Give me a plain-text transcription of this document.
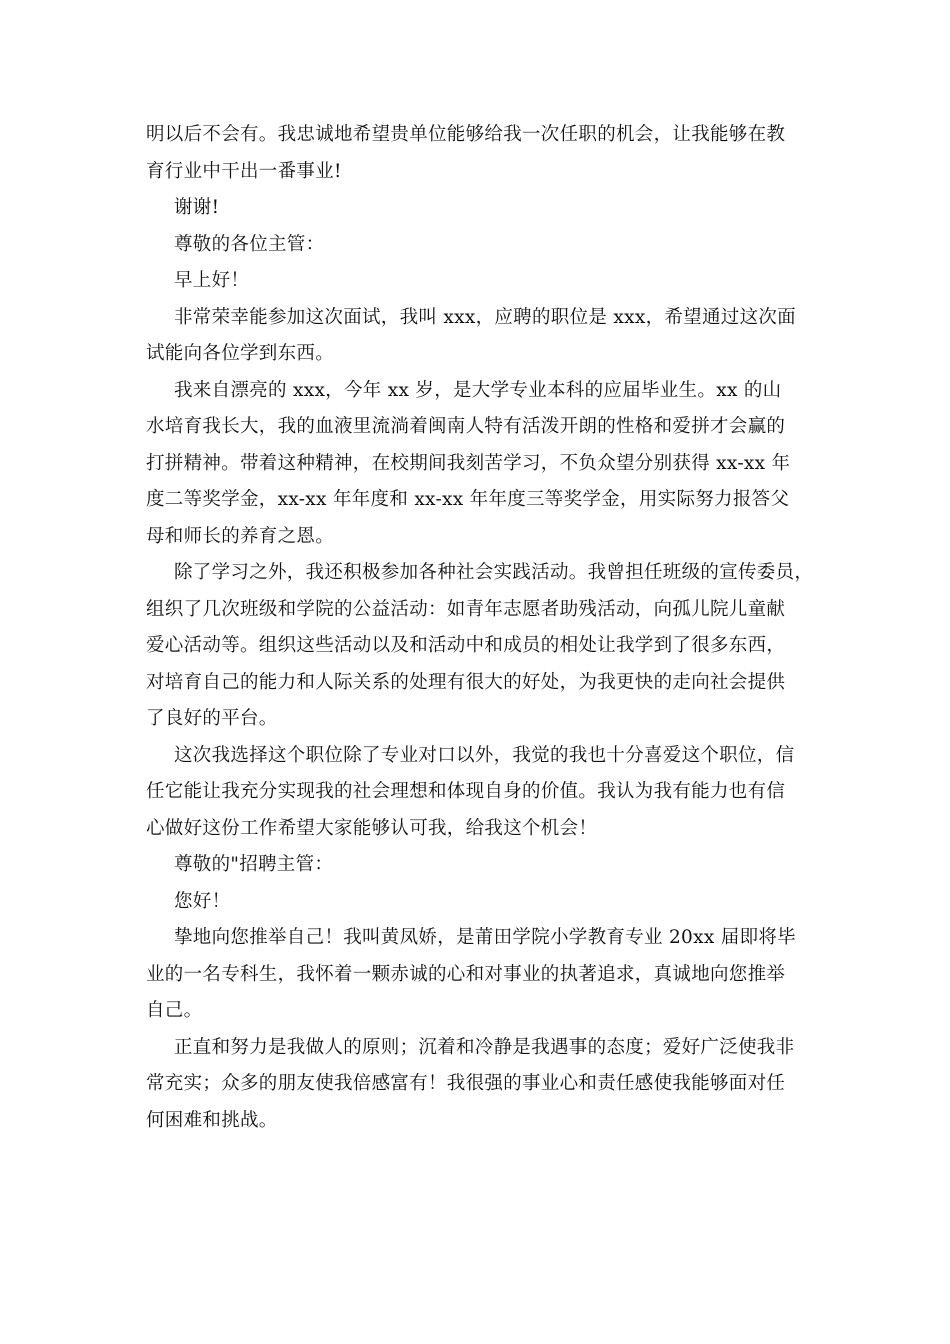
明以后不会有。我忠诚地希望贵单位能够给我一次任职的机会，让我能够在教
育行业中干出一番事业!
谢谢!
尊敬的各位主管：
早上好！
非常荣幸能参加这次面试，我叫 xxx，应聘的职位是 xxx，希望通过这次面
试能向各位学到东西。
我来自漂亮的 xxx，今年 xx 岁，是大学专业本科的应届毕业生。xx 的山
水培育我长大，我的血液里流淌着闽南人特有活泼开朗的性格和爱拼才会赢的
打拼精神。带着这种精神，在校期间我刻苦学习，不负众望分别获得 xx-xx 年
度二等奖学金，xx-xx 年年度和 xx-xx 年年度三等奖学金，用实际努力报答父
母和师长的养育之恩。
除了学习之外，我还积极参加各种社会实践活动。我曾担任班级的宣传委员，
组织了几次班级和学院的公益活动：如青年志愿者助残活动，向孤儿院儿童献
爱心活动等。组织这些活动以及和活动中和成员的相处让我学到了很多东西，
对培育自己的能力和人际关系的处理有很大的好处，为我更快的走向社会提供
了良好的平台。
这次我选择这个职位除了专业对口以外，我觉的我也十分喜爱这个职位，信
任它能让我充分实现我的社会理想和体现自身的价值。我认为我有能力也有信
心做好这份工作希望大家能够认可我，给我这个机会！
尊敬的"招聘主管：
您好！
挚地向您推举自己！我叫黄凤娇，是莆田学院小学教育专业 20xx 届即将毕
业的一名专科生，我怀着一颗赤诚的心和对事业的执著追求，真诚地向您推举
自己。
正直和努力是我做人的原则；沉着和冷静是我遇事的态度；爱好广泛使我非
常充实；众多的朋友使我倍感富有！我很强的事业心和责任感使我能够面对任
何困难和挑战。
